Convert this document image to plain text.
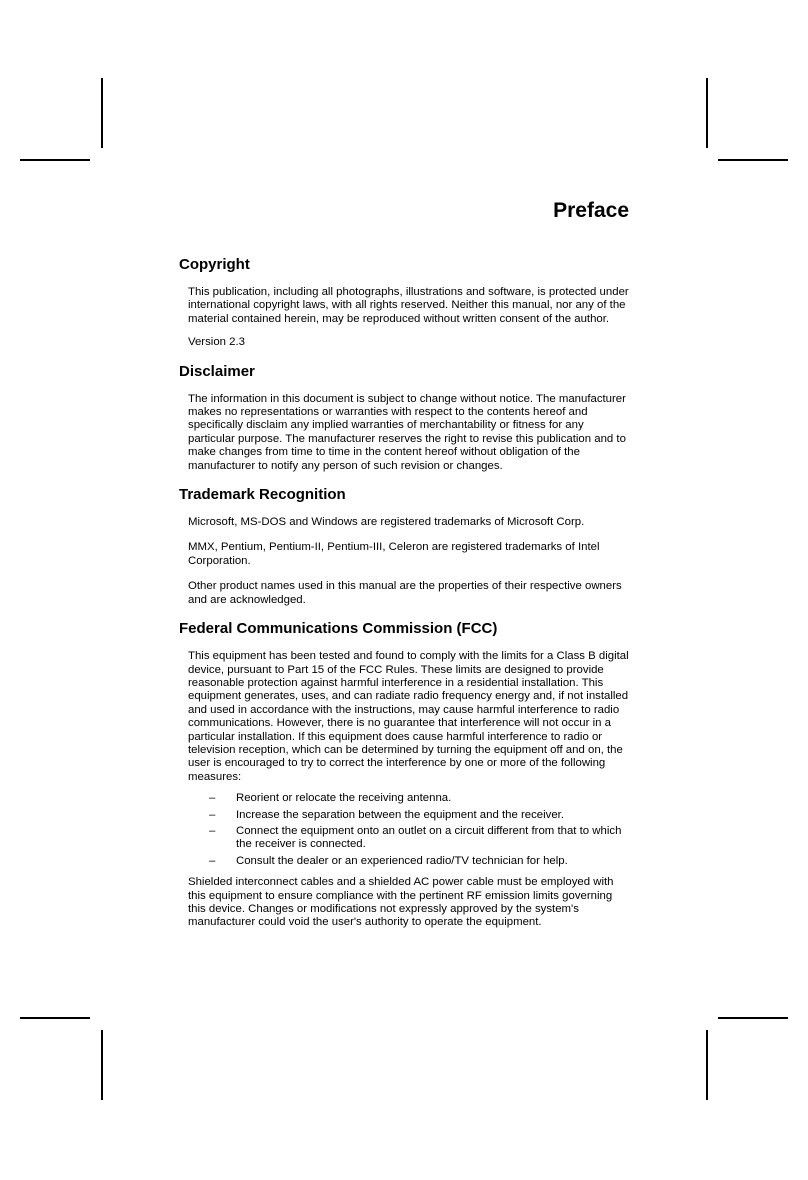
Preface
Copyright

This publication, including all photographs, illustrations and software, is protected under international copyright laws, with all rights reserved. Neither this manual, nor any of the material contained herein, may be reproduced without written consent of the author.

Version 2.3

Disclaimer

The information in this document is subject to change without notice. The manufacturer makes no representations or warranties with respect to the contents hereof and specifically disclaim any implied warranties of merchantability or fitness for any particular purpose. The manufacturer reserves the right to revise this publication and to make changes from time to time in the content hereof without obligation of the manufacturer to notify any person of such revision or changes.

Trademark Recognition

Microsoft, MS-DOS and Windows are registered trademarks of Microsoft Corp.

MMX, Pentium, Pentium-II, Pentium-III, Celeron are registered trademarks of Intel Corporation.

Other product names used in this manual are the properties of their respective owners and are acknowledged.

Federal Communications Commission (FCC)

This equipment has been tested and found to comply with the limits for a Class B digital device, pursuant to Part 15 of the FCC Rules. These limits are designed to provide reasonable protection against harmful interference in a residential installation. This equipment generates, uses, and can radiate radio frequency energy and, if not installed and used in accordance with the instructions, may cause harmful interference to radio communications. However, there is no guarantee that interference will not occur in a particular installation. If this equipment does cause harmful interference to radio or television reception, which can be determined by turning the equipment off and on, the user is encouraged to try to correct the interference by one or more of the following measures:

– Reorient or relocate the receiving antenna.
– Increase the separation between the equipment and the receiver.
– Connect the equipment onto an outlet on a circuit different from that to which the receiver is connected.
– Consult the dealer or an experienced radio/TV technician for help.

Shielded interconnect cables and a shielded AC power cable must be employed with this equipment to ensure compliance with the pertinent RF emission limits governing this device. Changes or modifications not expressly approved by the system's manufacturer could void the user's authority to operate the equipment.
